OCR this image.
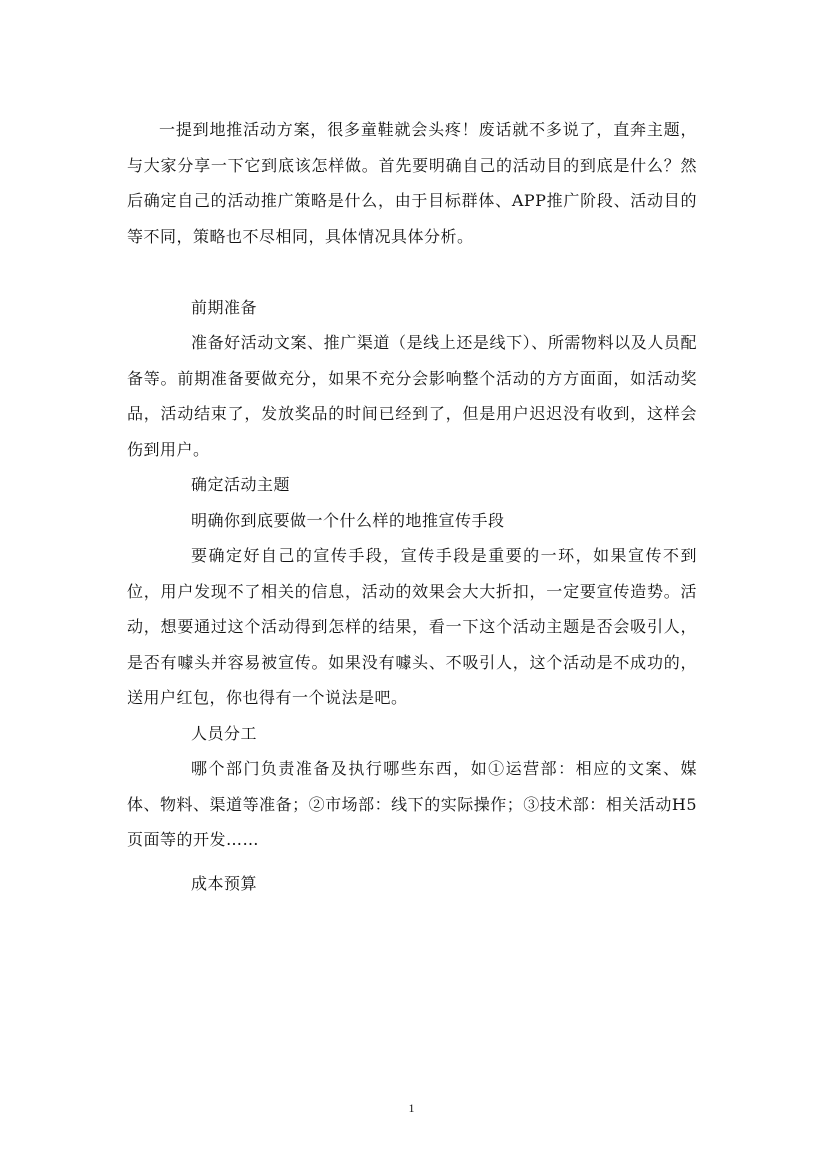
一提到地推活动方案，很多童鞋就会头疼！废话就不多说了，直奔主题，与大家分享一下它到底该怎样做。首先要明确自己的活动目的到底是什么？然后确定自己的活动推广策略是什么，由于目标群体、APP推广阶段、活动目的等不同，策略也不尽相同，具体情况具体分析。

前期准备

准备好活动文案、推广渠道（是线上还是线下）、所需物料以及人员配备等。前期准备要做充分，如果不充分会影响整个活动的方方面面，如活动奖品，活动结束了，发放奖品的时间已经到了，但是用户迟迟没有收到，这样会伤到用户。

确定活动主题

明确你到底要做一个什么样的地推宣传手段

要确定好自己的宣传手段，宣传手段是重要的一环，如果宣传不到位，用户发现不了相关的信息，活动的效果会大大折扣，一定要宣传造势。活动，想要通过这个活动得到怎样的结果，看一下这个活动主题是否会吸引人，是否有噱头并容易被宣传。如果没有噱头、不吸引人，这个活动是不成功的，送用户红包，你也得有一个说法是吧。

人员分工

哪个部门负责准备及执行哪些东西，如①运营部：相应的文案、媒体、物料、渠道等准备；②市场部：线下的实际操作；③技术部：相关活动H5页面等的开发……

成本预算

1
